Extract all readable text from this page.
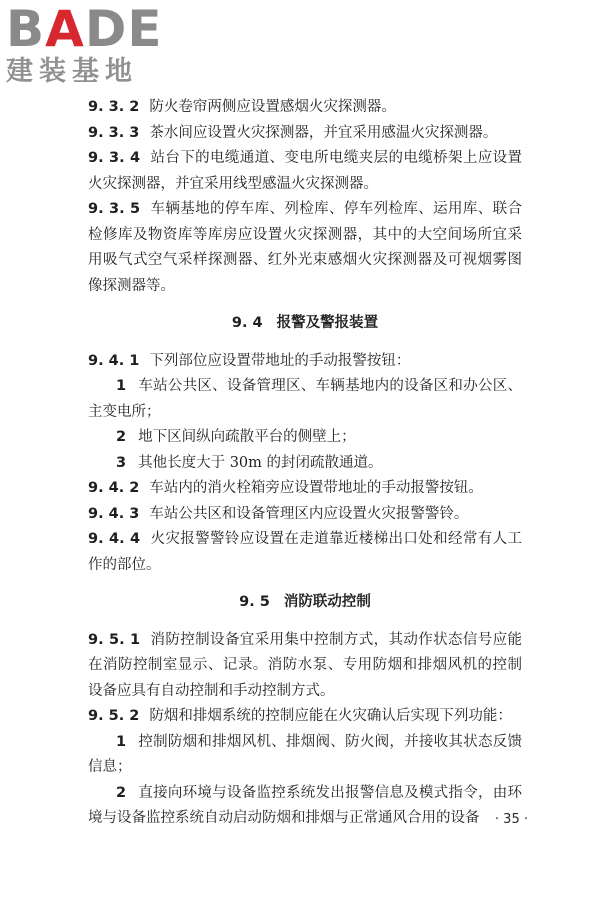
BADE
建装基地

9. 3. 2 防火卷帘两侧应设置感烟火灾探测器。

9. 3. 3 茶水间应设置火灾探测器，并宜采用感温火灾探测器。

9. 3. 4 站台下的电缆通道、变电所电缆夹层的电缆桥架上应设置火灾探测器，并宜采用线型感温火灾探测器。

9. 3. 5 车辆基地的停车库、列检库、停车列检库、运用库、联合检修库及物资库等库房应设置火灾探测器，其中的大空间场所宜采用吸气式空气采样探测器、红外光束感烟火灾探测器及可视烟雾图像探测器等。

9. 4 报警及警报装置

9. 4. 1 下列部位应设置带地址的手动报警按钮：

1 车站公共区、设备管理区、车辆基地内的设备区和办公区、主变电所；

2 地下区间纵向疏散平台的侧壁上；

3 其他长度大于 30m 的封闭疏散通道。

9. 4. 2 车站内的消火栓箱旁应设置带地址的手动报警按钮。

9. 4. 3 车站公共区和设备管理区内应设置火灾报警警铃。

9. 4. 4 火灾报警警铃应设置在走道靠近楼梯出口处和经常有人工作的部位。

9. 5 消防联动控制

9. 5. 1 消防控制设备宜采用集中控制方式，其动作状态信号应能在消防控制室显示、记录。消防水泵、专用防烟和排烟风机的控制设备应具有自动控制和手动控制方式。

9. 5. 2 防烟和排烟系统的控制应能在火灾确认后实现下列功能：

1 控制防烟和排烟风机、排烟阀、防火阀，并接收其状态反馈信息；

2 直接向环境与设备监控系统发出报警信息及模式指令，由环境与设备监控系统自动启动防烟和排烟与正常通风合用的设备	· 35 ·
